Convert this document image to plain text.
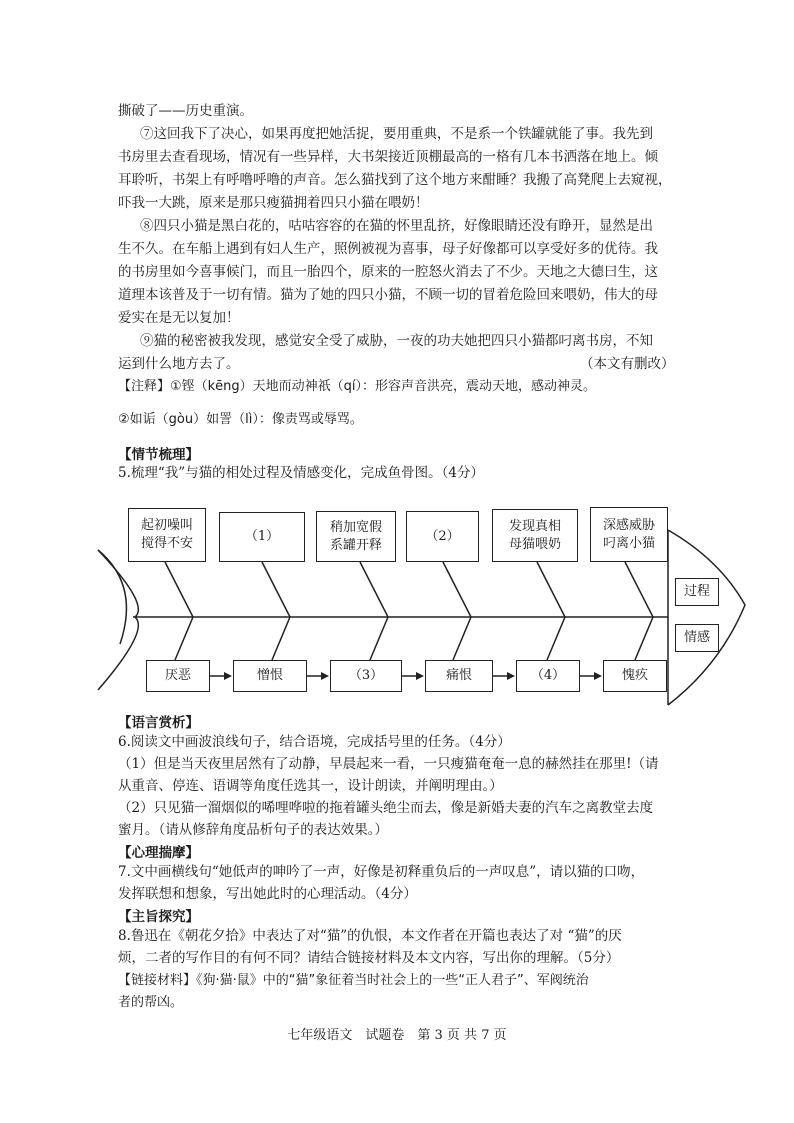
撕破了——历史重演。
⑦这回我下了决心，如果再度把她活捉，要用重典，不是系一个铁罐就能了事。我先到
书房里去查看现场，情况有一些异样，大书架接近顶棚最高的一格有几本书洒落在地上。倾
耳聆听，书架上有呼噜呼噜的声音。怎么猫找到了这个地方来酣睡？我搬了高凳爬上去窥视，
吓我一大跳，原来是那只瘦猫拥着四只小猫在喂奶！
⑧四只小猫是黑白花的，咕咕容容的在猫的怀里乱挤，好像眼睛还没有睁开，显然是出
生不久。在车船上遇到有妇人生产，照例被视为喜事，母子好像都可以享受好多的优待。我
的书房里如今喜事候门，而且一胎四个，原来的一腔怒火消去了不少。天地之大德曰生，这
道理本该普及于一切有情。猫为了她的四只小猫，不顾一切的冒着危险回来喂奶，伟大的母
爱实在是无以复加！
⑨猫的秘密被我发现，感觉安全受了威胁，一夜的功夫她把四只小猫都叼离书房，不知
运到什么地方去了。	（本文有删改）
【注释】①铿（kēng）天地而动神祇（qí）：形容声音洪亮，震动天地，感动神灵。
②如诟（gòu）如詈（lì）：像责骂或辱骂。
【情节梳理】
5.梳理“我”与猫的相处过程及情感变化，完成鱼骨图。（4分）
起初噪叫
搅得不安	（1）
稍加宽假
系罐开释
（2）
发现真相
母猫喂奶
深感威胁
叼离小猫
厌恶	憎恨	（3）	痛恨	（4）	愧疚
过程
情感
【语言赏析】
6.阅读文中画波浪线句子，结合语境，完成括号里的任务。（4分）
（1）但是当天夜里居然有了动静，早晨起来一看，一只瘦猫奄奄一息的赫然挂在那里!（请
从重音、停连、语调等角度任选其一，设计朗读，并阐明理由。）
（2）只见猫一溜烟似的唏哩哗啦的拖着罐头绝尘而去，像是新婚夫妻的汽车之离教堂去度
蜜月。（请从修辞角度品析句子的表达效果。）
【心理揣摩】
7.文中画横线句“她低声的呻吟了一声，好像是初释重负后的一声叹息”，请以猫的口吻，
发挥联想和想象，写出她此时的心理活动。（4分）
【主旨探究】
8.鲁迅在《朝花夕拾》中表达了对“猫”的仇恨，本文作者在开篇也表达了对 “猫”的厌
烦，二者的写作目的有何不同？请结合链接材料及本文内容，写出你的理解。（5分）
【链接材料】《狗·猫·鼠》中的“猫”象征着当时社会上的一些“正人君子”、军阀统治
者的帮凶。
七年级语文　试题卷　第 3 页 共 7 页
